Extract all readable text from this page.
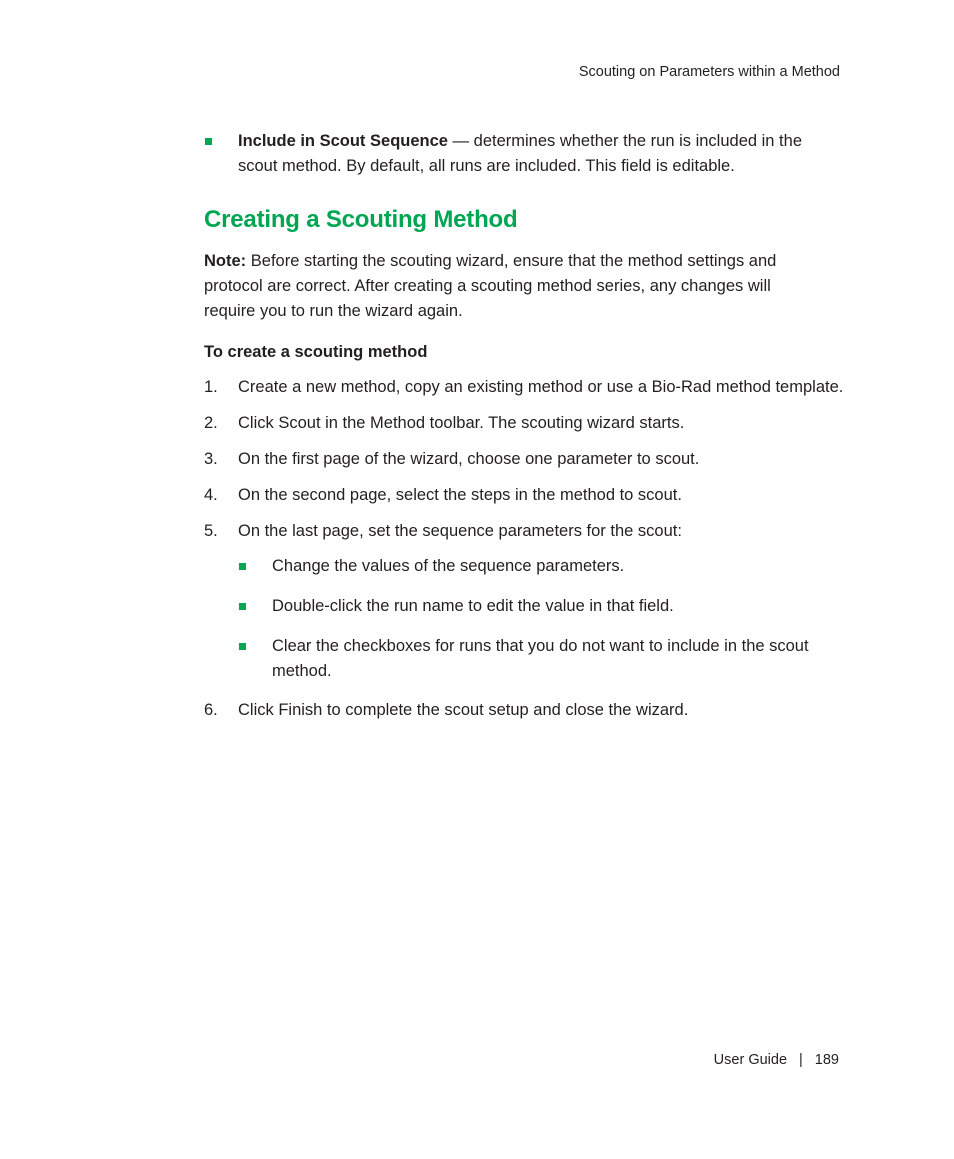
Scouting on Parameters within a Method
Include in Scout Sequence — determines whether the run is included in the scout method. By default, all runs are included. This field is editable.
Creating a Scouting Method
Note: Before starting the scouting wizard, ensure that the method settings and protocol are correct. After creating a scouting method series, any changes will require you to run the wizard again.
To create a scouting method
1. Create a new method, copy an existing method or use a Bio-Rad method template.
2. Click Scout in the Method toolbar. The scouting wizard starts.
3. On the first page of the wizard, choose one parameter to scout.
4. On the second page, select the steps in the method to scout.
5. On the last page, set the sequence parameters for the scout:
Change the values of the sequence parameters.
Double-click the run name to edit the value in that field.
Clear the checkboxes for runs that you do not want to include in the scout method.
6. Click Finish to complete the scout setup and close the wizard.
User Guide | 189
